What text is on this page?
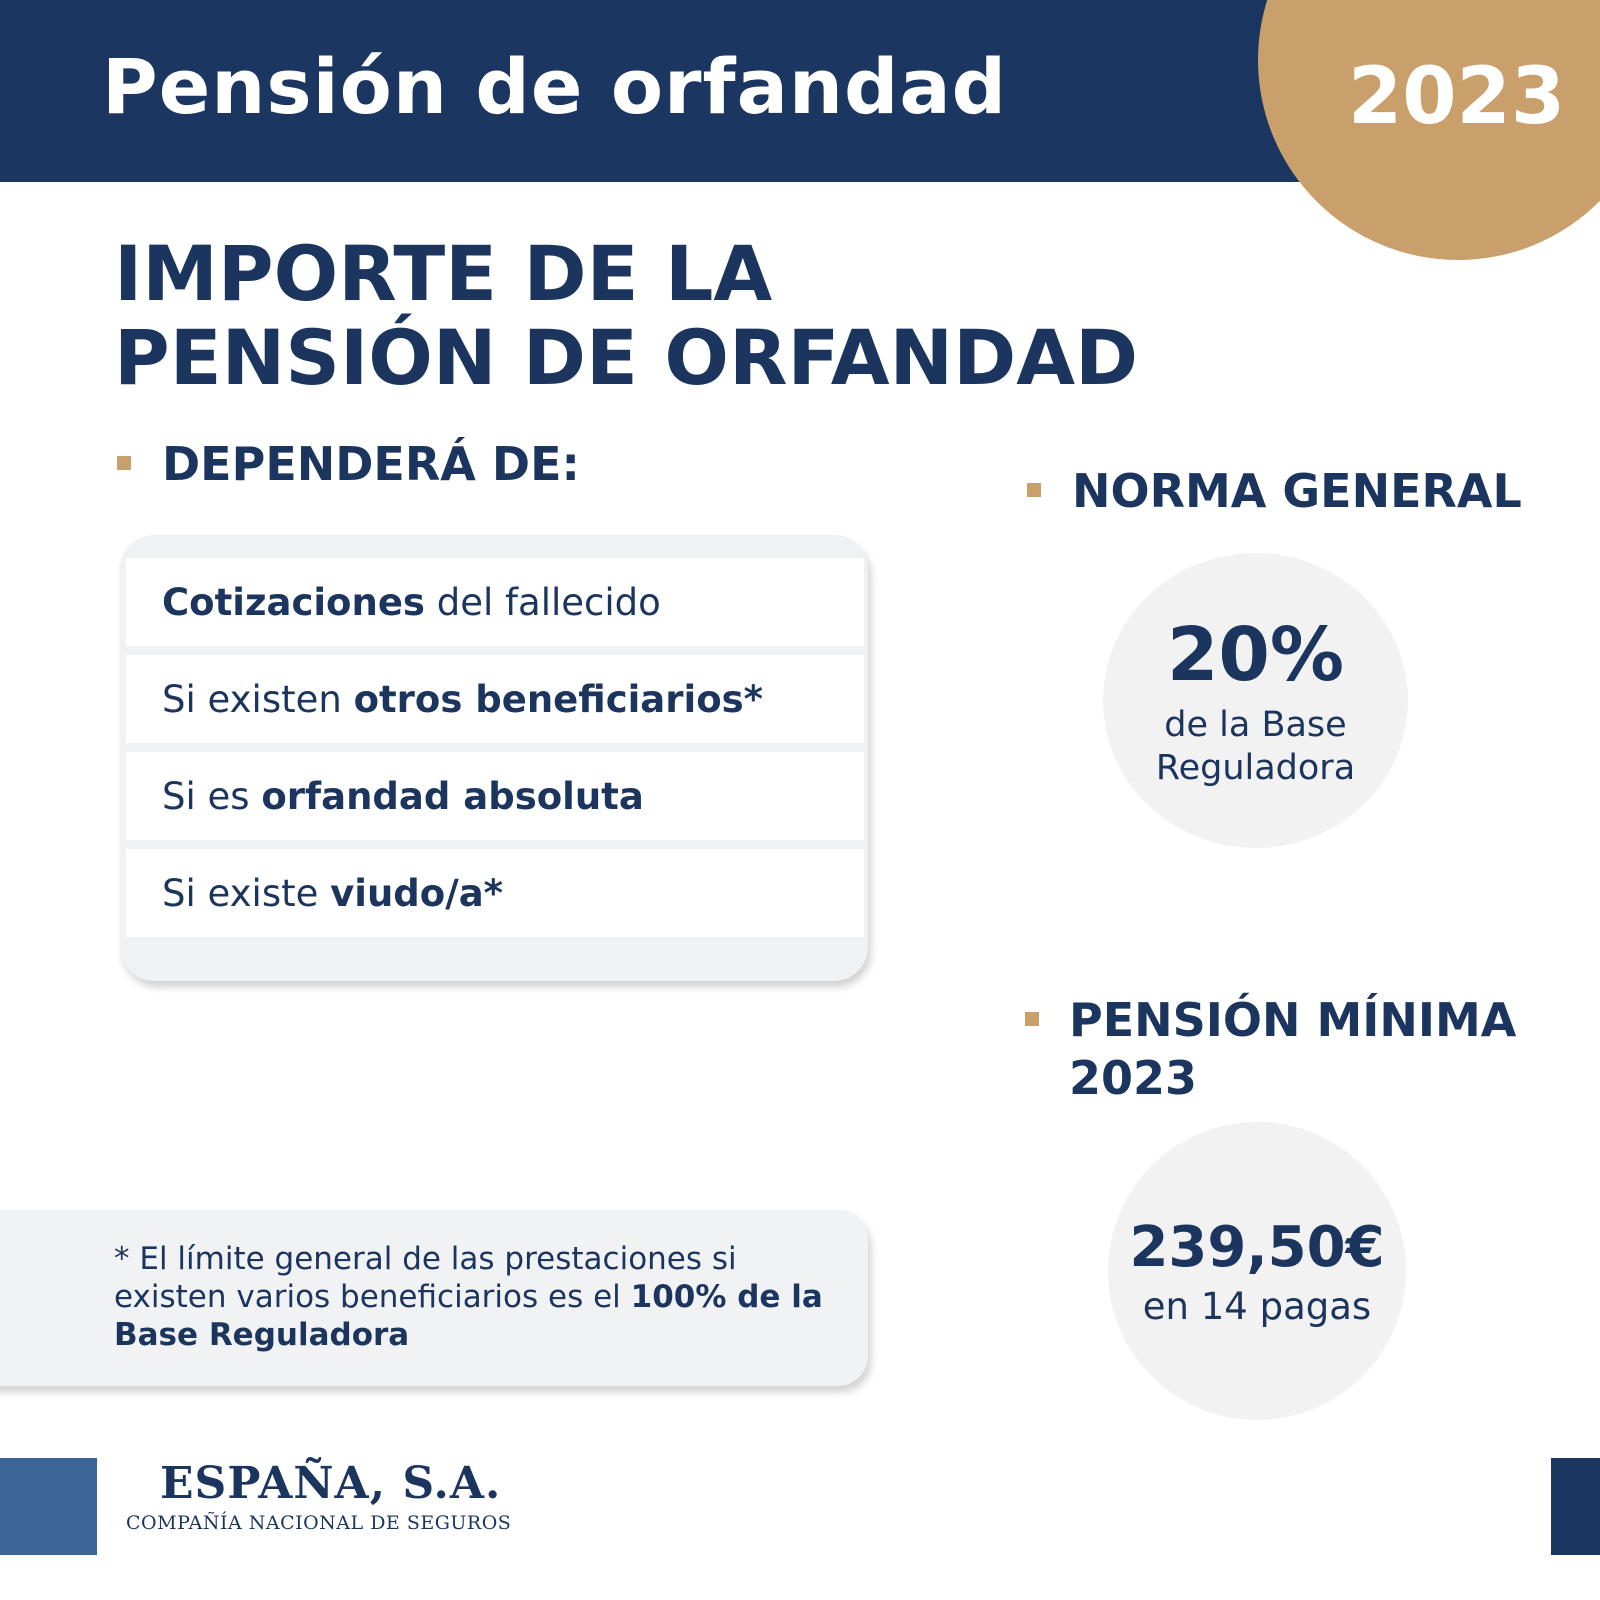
Pensión de orfandad	2023
IMPORTE DE LA
PENSIÓN DE ORFANDAD
DEPENDERÁ DE:
Cotizaciones del fallecido
Si existen otros beneficiarios*
Si es orfandad absoluta
Si existe viudo/a*
NORMA GENERAL
20%
de la Base
Reguladora
PENSIÓN MÍNIMA
2023
239,50€
en 14 pagas
* El límite general de las prestaciones si existen varios beneficiarios es el 100% de la Base Reguladora
ESPAÑA, S.A.
COMPAÑÍA NACIONAL DE SEGUROS
